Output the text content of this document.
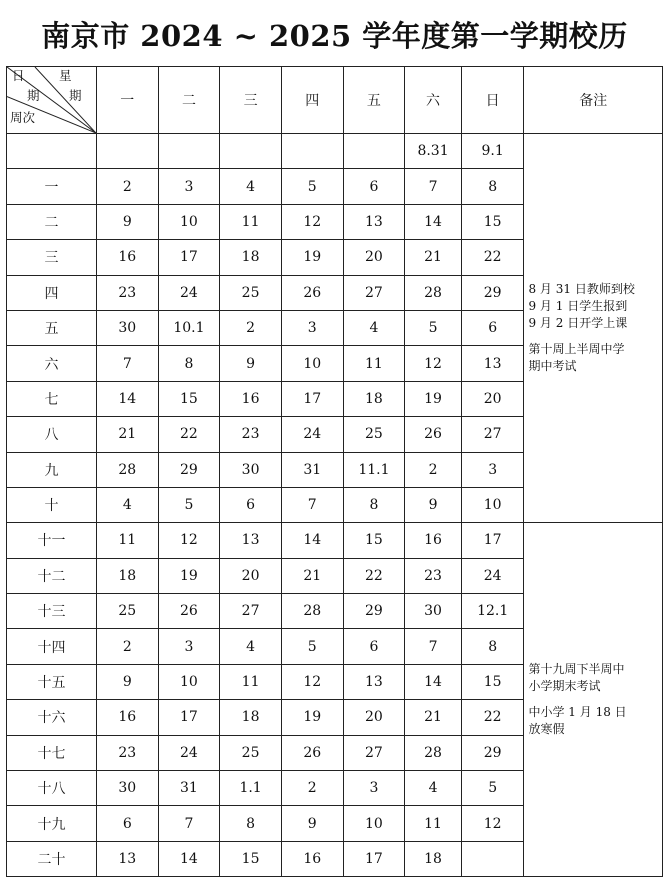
南京市 2024 ~ 2025 学年度第一学期校历
日 星
期 期
周次	一	二	三	四	五	六	日	备注
						8.31	9.1	8 月 31 日教师到校
9 月 1 日学生报到
9 月 2 日开学上课
第十周上半周中学
期中考试

一	2	3	4	5	6	7	8	
二	9	10	11	12	13	14	15	
三	16	17	18	19	20	21	22	
四	23	24	25	26	27	28	29	
五	30	10.1	2	3	4	5	6	
六	7	8	9	10	11	12	13	
七	14	15	16	17	18	19	20	
八	21	22	23	24	25	26	27	
九	28	29	30	31	11.1	2	3	
十	4	5	6	7	8	9	10	
十一	11	12	13	14	15	16	17	第十九周下半周中
小学期末考试
中小学 1 月 18 日
放寒假

十二	18	19	20	21	22	23	24	
十三	25	26	27	28	29	30	12.1	
十四	2	3	4	5	6	7	8	
十五	9	10	11	12	13	14	15	
十六	16	17	18	19	20	21	22	
十七	23	24	25	26	27	28	29	
十八	30	31	1.1	2	3	4	5	
十九	6	7	8	9	10	11	12	
二十	13	14	15	16	17	18		
